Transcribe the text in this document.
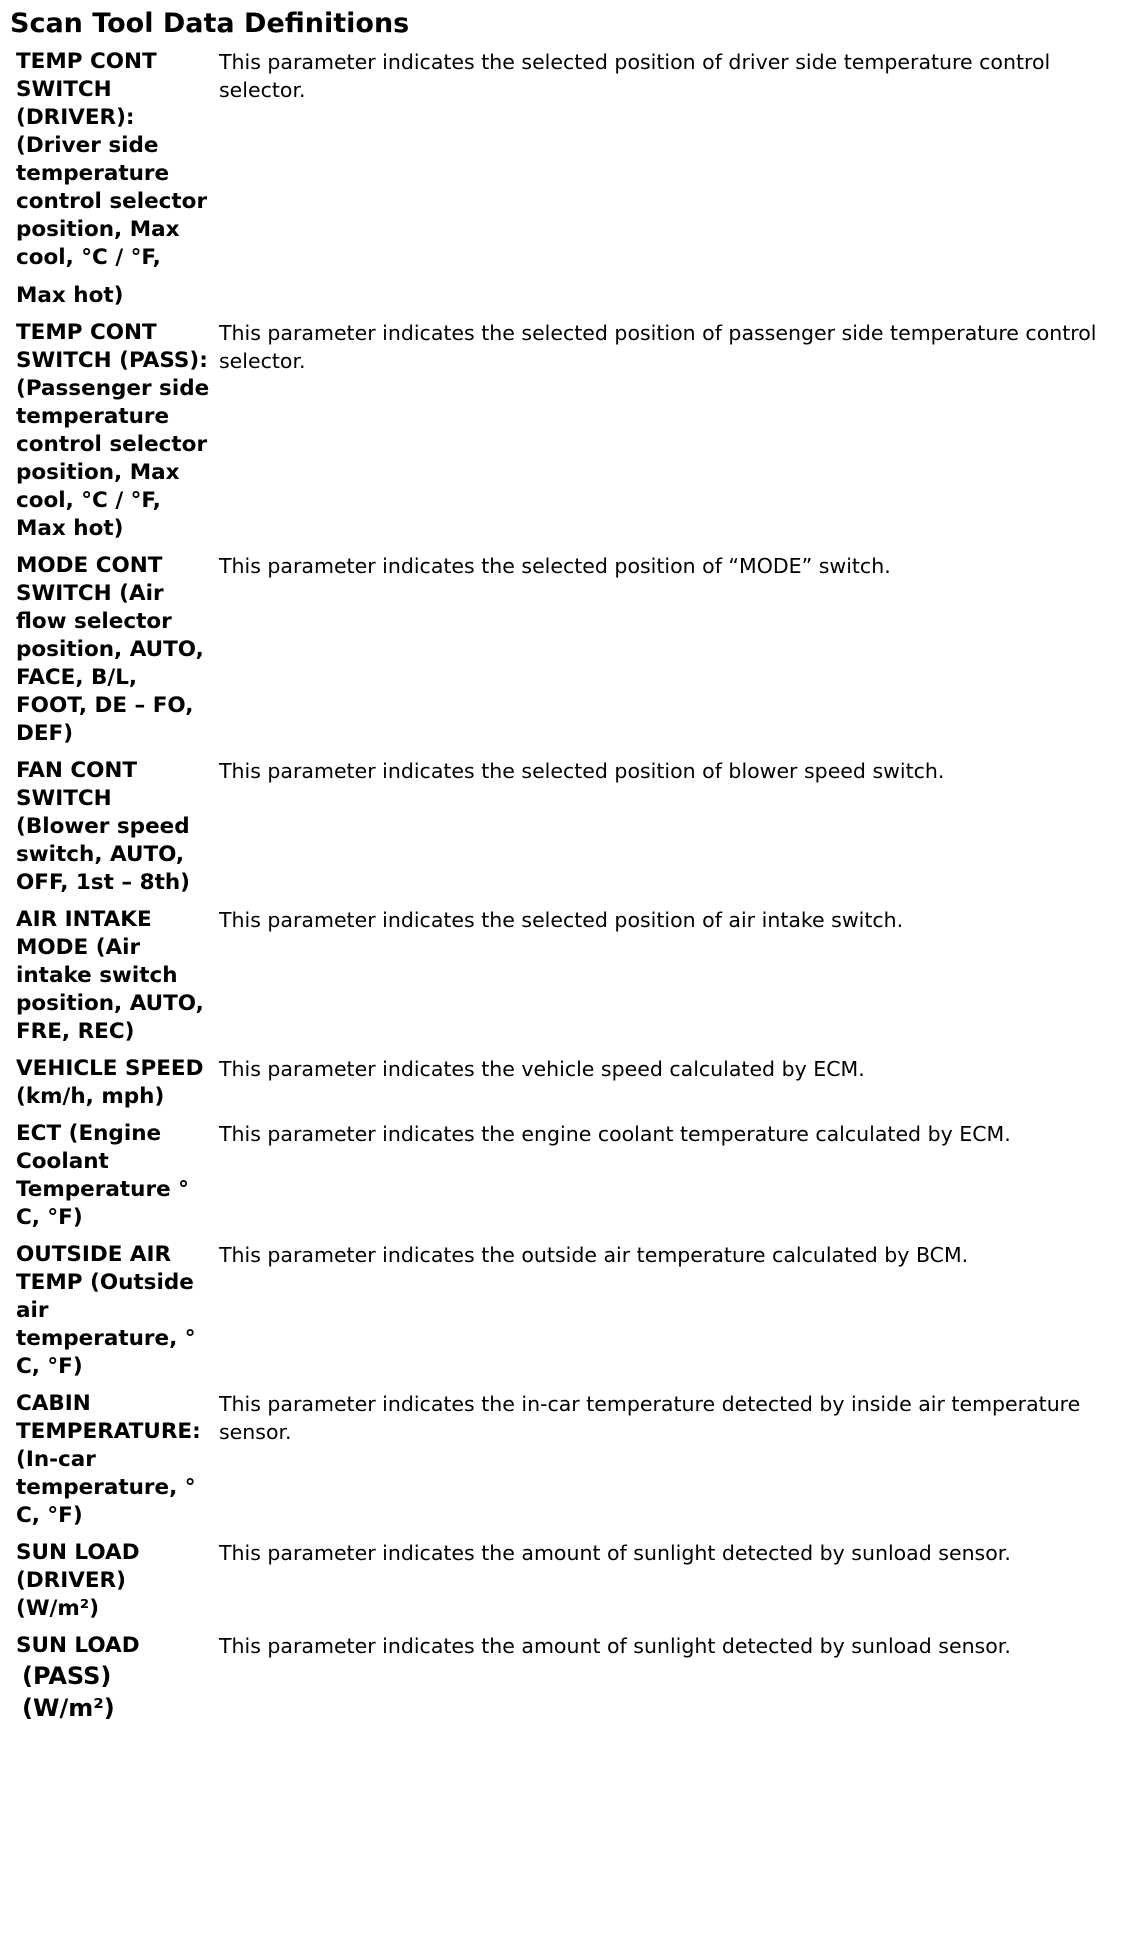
Scan Tool Data Definitions
TEMP CONT SWITCH (DRIVER): (Driver side temperature control selector position, Max cool, °C / °F,
Max hot)
This parameter indicates the selected position of driver side temperature control selector.
TEMP CONT SWITCH (PASS): (Passenger side temperature control selector position, Max cool, °C / °F, Max hot)
This parameter indicates the selected position of passenger side temperature control selector.
MODE CONT SWITCH (Air flow selector position, AUTO, FACE, B/L, FOOT, DE – FO, DEF)
This parameter indicates the selected position of “MODE” switch.
FAN CONT SWITCH (Blower speed switch, AUTO, OFF, 1st – 8th)
This parameter indicates the selected position of blower speed switch.
AIR INTAKE MODE (Air intake switch position, AUTO, FRE, REC)
This parameter indicates the selected position of air intake switch.
VEHICLE SPEED (km/h, mph)
This parameter indicates the vehicle speed calculated by ECM.
ECT (Engine Coolant Temperature ° C, °F)
This parameter indicates the engine coolant temperature calculated by ECM.
OUTSIDE AIR TEMP (Outside air temperature, ° C, °F)
This parameter indicates the outside air temperature calculated by BCM.
CABIN TEMPERATURE: (In-car temperature, ° C, °F)
This parameter indicates the in-car temperature detected by inside air temperature sensor.
SUN LOAD (DRIVER) (W/m²)
This parameter indicates the amount of sunlight detected by sunload sensor.
SUN LOAD
(PASS) (W/m²)
This parameter indicates the amount of sunlight detected by sunload sensor.
